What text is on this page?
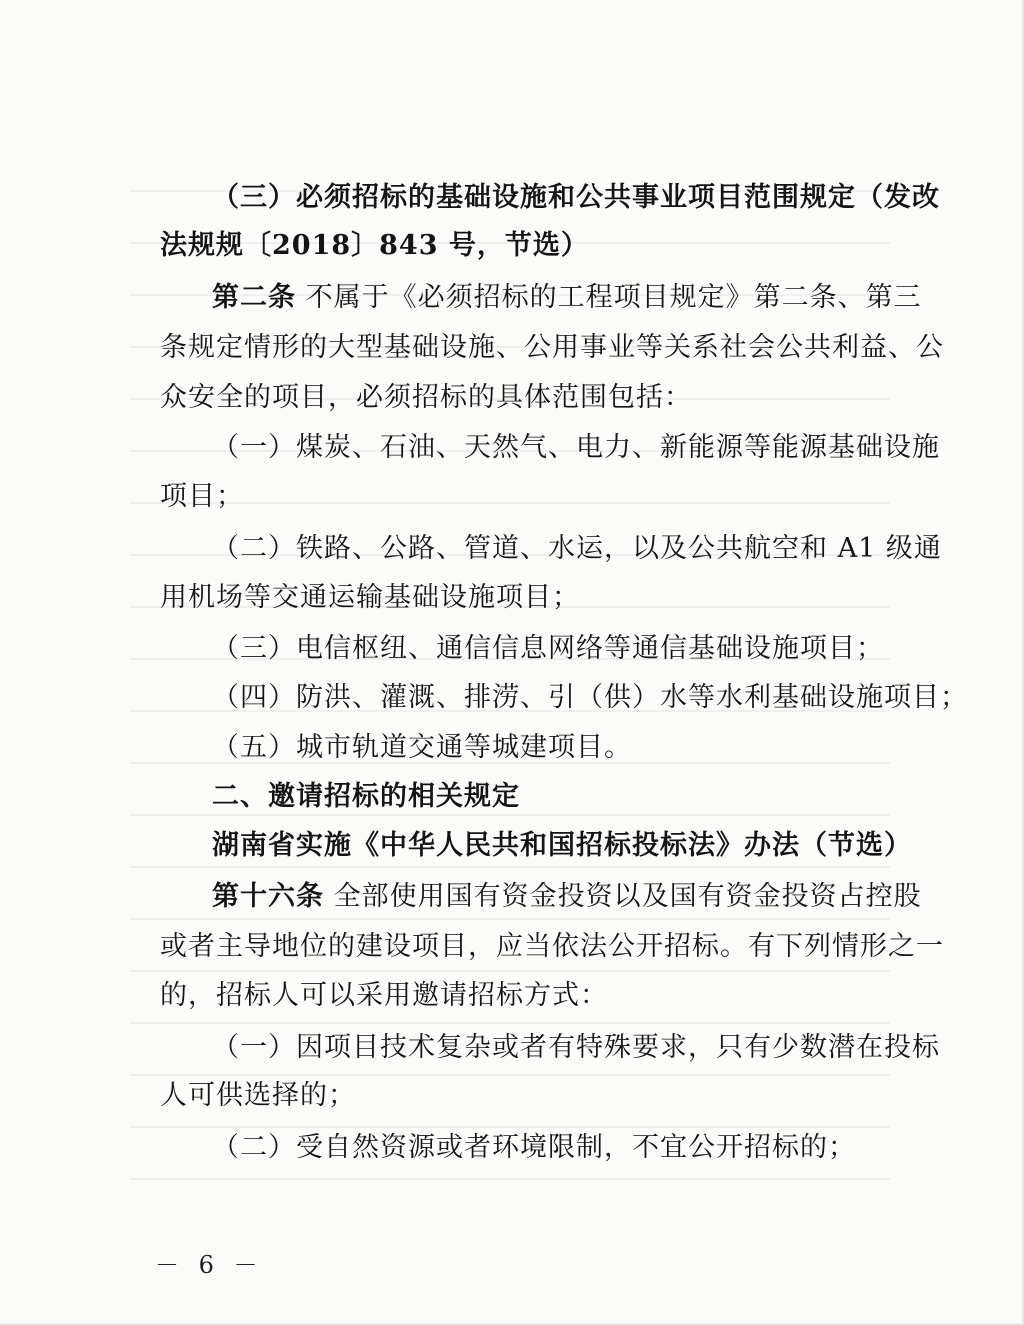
（三）必须招标的基础设施和公共事业项目范围规定（发改
法规规〔2018〕843 号，节选）
第二条 不属于《必须招标的工程项目规定》第二条、第三
条规定情形的大型基础设施、公用事业等关系社会公共利益、公
众安全的项目，必须招标的具体范围包括：
（一）煤炭、石油、天然气、电力、新能源等能源基础设施
项目；
（二）铁路、公路、管道、水运，以及公共航空和 A1 级通
用机场等交通运输基础设施项目；
（三）电信枢纽、通信信息网络等通信基础设施项目；
（四）防洪、灌溉、排涝、引（供）水等水利基础设施项目；
（五）城市轨道交通等城建项目。
二、邀请招标的相关规定
湖南省实施《中华人民共和国招标投标法》办法（节选）
第十六条 全部使用国有资金投资以及国有资金投资占控股
或者主导地位的建设项目，应当依法公开招标。有下列情形之一
的，招标人可以采用邀请招标方式：
（一）因项目技术复杂或者有特殊要求，只有少数潜在投标
人可供选择的；
（二）受自然资源或者环境限制，不宜公开招标的；
－ 6 －
